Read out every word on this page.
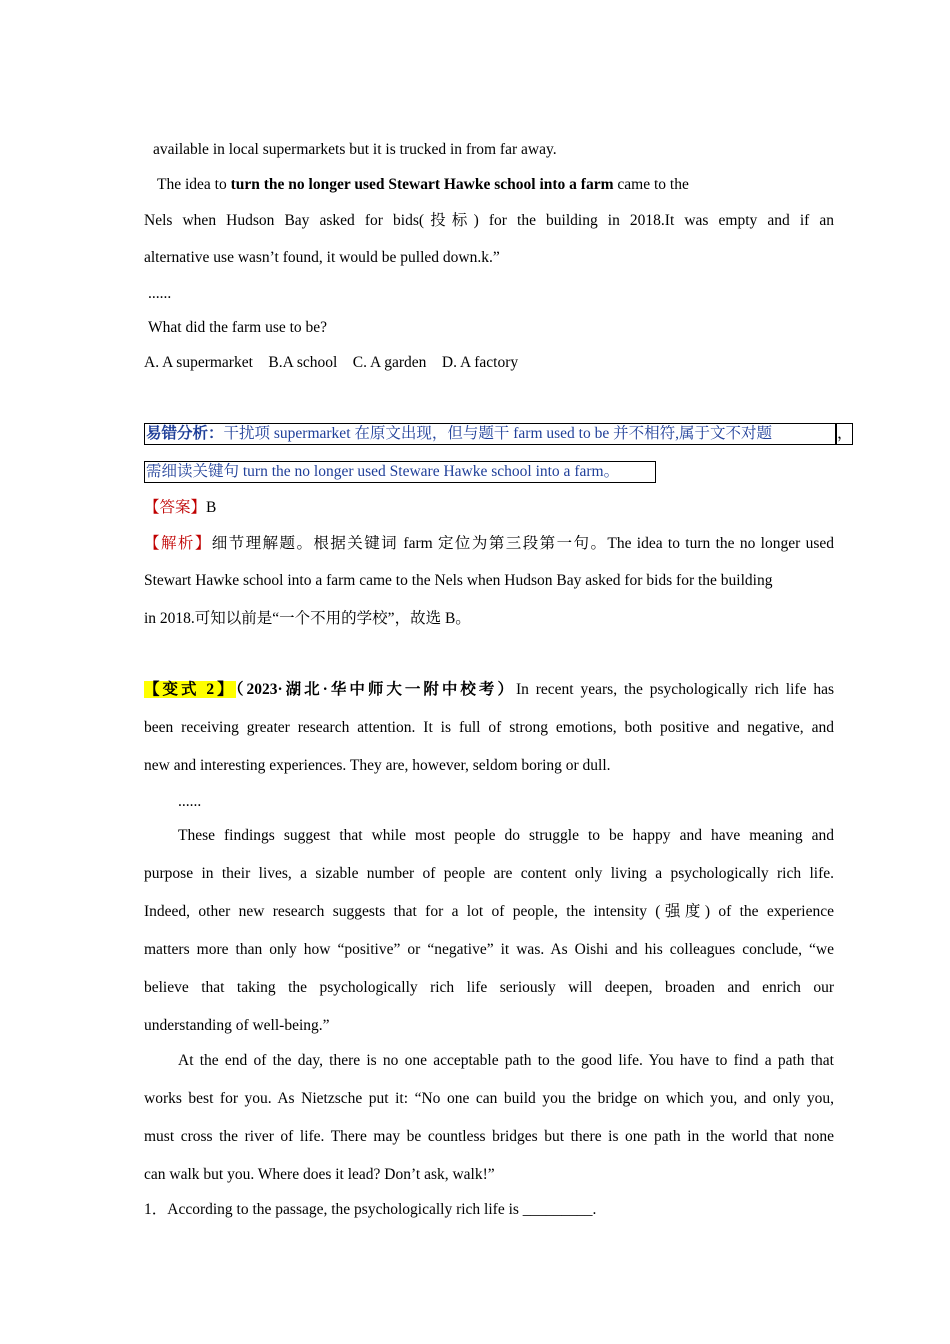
available in local supermarkets but it is trucked in from far away.
The idea to turn the no longer used Stewart Hawke school into a farm came to the
Nels when Hudson Bay asked for bids(投标) for the building in 2018.It was empty and if an
alternative use wasn’t found, it would be pulled down.k.”
......
What did the farm use to be?
A. A supermarket    B.A school    C. A garden    D. A factory
易错分析：干扰项 supermarket 在原文出现，但与题干 farm used to be 并不相符,属于文不对题	，
需细读关键句 turn the no longer used Steware Hawke school into a farm。
【答案】B
【解析】细节理解题。根据关键词 farm 定位为第三段第一句。The idea to turn the no longer used
Stewart Hawke school into a farm came to the Nels when Hudson Bay asked for bids for the building
in 2018.可知以前是“一个不用的学校”，故选 B。
【变式 2】（2023·湖北·华中师大一附中校考）In recent years, the psychologically rich life has
been receiving greater research attention. It is full of strong emotions, both positive and negative, and
new and interesting experiences. They are, however, seldom boring or dull.
......
These findings suggest that while most people do struggle to be happy and have meaning and
purpose in their lives, a sizable number of people are content only living a psychologically rich life.
Indeed, other new research suggests that for a lot of people, the intensity (强度) of the experience
matters more than only how “positive” or “negative” it was. As Oishi and his colleagues conclude, “we
believe that taking the psychologically rich life seriously will deepen, broaden and enrich our
understanding of well-being.”
At the end of the day, there is no one acceptable path to the good life. You have to find a path that
works best for you. As Nietzsche put it: “No one can build you the bridge on which you, and only you,
must cross the river of life. There may be countless bridges but there is one path in the world that none
can walk but you. Where does it lead? Don’t ask, walk!”
1．According to the passage, the psychologically rich life is _________.
